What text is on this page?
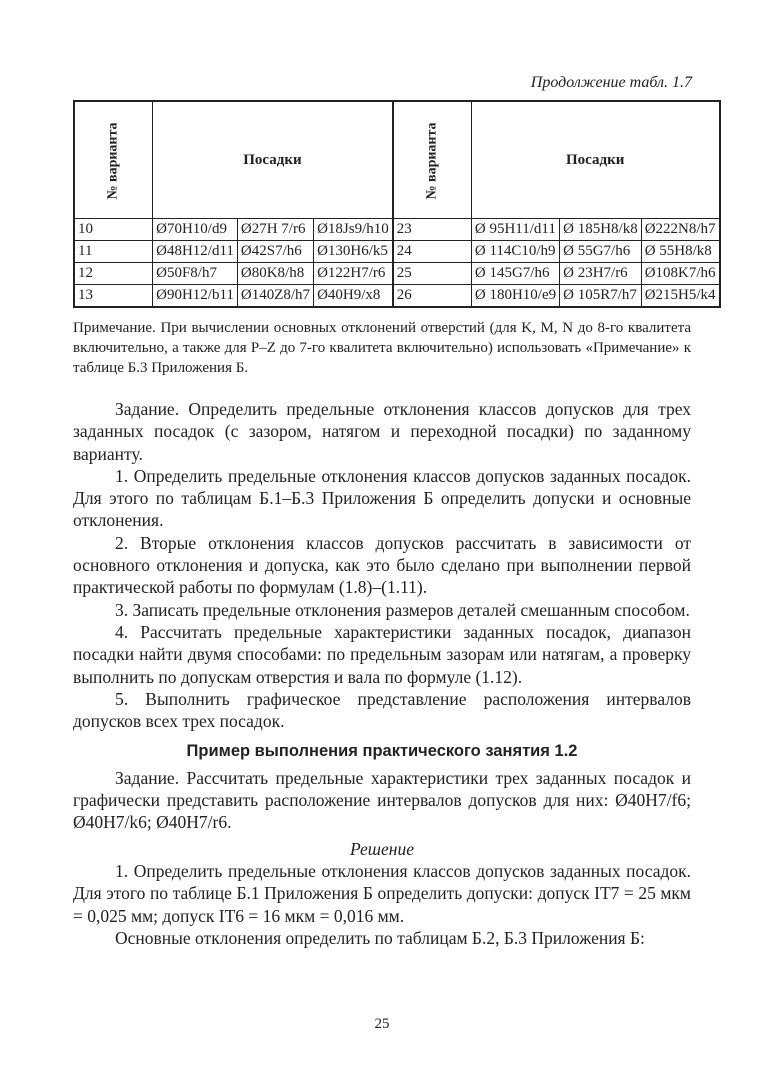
Продолжение табл. 1.7
№ варианта	Посадки			№ варианта	Посадки		
10	Ø70H10/d9	Ø27H 7/r6	Ø18Js9/h10	23	Ø 95H11/d11	Ø 185H8/k8	Ø222N8/h7
11	Ø48H12/d11	Ø42S7/h6	Ø130H6/k5	24	Ø 114C10/h9	Ø 55G7/h6	Ø 55H8/k8
12	Ø50F8/h7	Ø80K8/h8	Ø122H7/r6	25	Ø 145G7/h6	Ø 23H7/r6	Ø108K7/h6
13	Ø90H12/b11	Ø140Z8/h7	Ø40H9/x8	26	Ø 180H10/e9	Ø 105R7/h7	Ø215H5/k4
Примечание. При вычислении основных отклонений отверстий (для K, M, N до 8-го квалитета включительно, а также для P–Z до 7-го квалитета включительно) использовать «Примечание» к таблице Б.3 Приложения Б.

Задание. Определить предельные отклонения классов допусков для трех заданных посадок (с зазором, натягом и переходной посадки) по заданному варианту.

1. Определить предельные отклонения классов допусков заданных посадок. Для этого по таблицам Б.1–Б.3 Приложения Б определить допуски и основные отклонения.

2. Вторые отклонения классов допусков рассчитать в зависимости от основного отклонения и допуска, как это было сделано при выполнении первой практической работы по формулам (1.8)–(1.11).

3. Записать предельные отклонения размеров деталей смешанным способом.

4. Рассчитать предельные характеристики заданных посадок, диапазон посадки найти двумя способами: по предельным зазорам или натягам, а проверку выполнить по допускам отверстия и вала по формуле (1.12).

5. Выполнить графическое представление расположения интервалов допусков всех трех посадок.

Пример выполнения практического занятия 1.2

Задание. Рассчитать предельные характеристики трех заданных посадок и графически представить расположение интервалов допусков для них: Ø40H7/f6; Ø40H7/k6; Ø40H7/r6.

Решение

1. Определить предельные отклонения классов допусков заданных посадок. Для этого по таблице Б.1 Приложения Б определить допуски: допуск IT7 = 25 мкм = 0,025 мм; допуск IT6 = 16 мкм = 0,016 мм.

Основные отклонения определить по таблицам Б.2, Б.3 Приложения Б:

25
